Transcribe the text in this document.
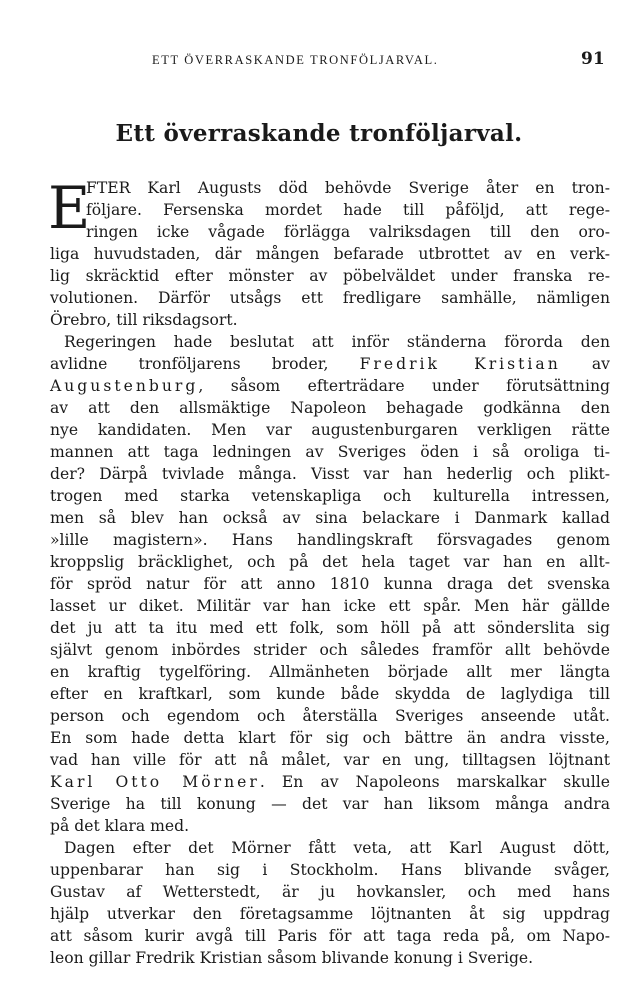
ETT ÖVERRASKANDE TRONFÖLJARVAL.	91
Ett överraskande tronföljarval.
E
FTER Karl Augusts död behövde Sverige åter en tron-
följare. Fersenska mordet hade till påföljd, att rege-
ringen icke vågade förlägga valriksdagen till den oro-
liga huvudstaden, där mången befarade utbrottet av en verk-
lig skräcktid efter mönster av pöbelväldet under franska re-
volutionen. Därför utsågs ett fredligare samhälle, nämligen
Örebro, till riksdagsort.
Regeringen hade beslutat att inför ständerna förorda den
avlidne tronföljarens broder, Fredrik Kristian av
Augustenburg, såsom efterträdare under förutsättning
av att den allsmäktige Napoleon behagade godkänna den
nye kandidaten. Men var augustenburgaren verkligen rätte
mannen att taga ledningen av Sveriges öden i så oroliga ti-
der? Därpå tvivlade många. Visst var han hederlig och plikt-
trogen med starka vetenskapliga och kulturella intressen,
men så blev han också av sina belackare i Danmark kallad
»lille magistern». Hans handlingskraft försvagades genom
kroppslig bräcklighet, och på det hela taget var han en allt-
för spröd natur för att anno 1810 kunna draga det svenska
lasset ur diket. Militär var han icke ett spår. Men här gällde
det ju att ta itu med ett folk, som höll på att sönderslita sig
självt genom inbördes strider och således framför allt behövde
en kraftig tygelföring. Allmänheten började allt mer längta
efter en kraftkarl, som kunde både skydda de laglydiga till
person och egendom och återställa Sveriges anseende utåt.
En som hade detta klart för sig och bättre än andra visste,
vad han ville för att nå målet, var en ung, tilltagsen löjtnant
Karl Otto Mörner. En av Napoleons marskalkar skulle
Sverige ha till konung — det var han liksom många andra
på det klara med.
Dagen efter det Mörner fått veta, att Karl August dött,
uppenbarar han sig i Stockholm. Hans blivande svåger,
Gustav af Wetterstedt, är ju hovkansler, och med hans
hjälp utverkar den företagsamme löjtnanten åt sig uppdrag
att såsom kurir avgå till Paris för att taga reda på, om Napo-
leon gillar Fredrik Kristian såsom blivande konung i Sverige.
